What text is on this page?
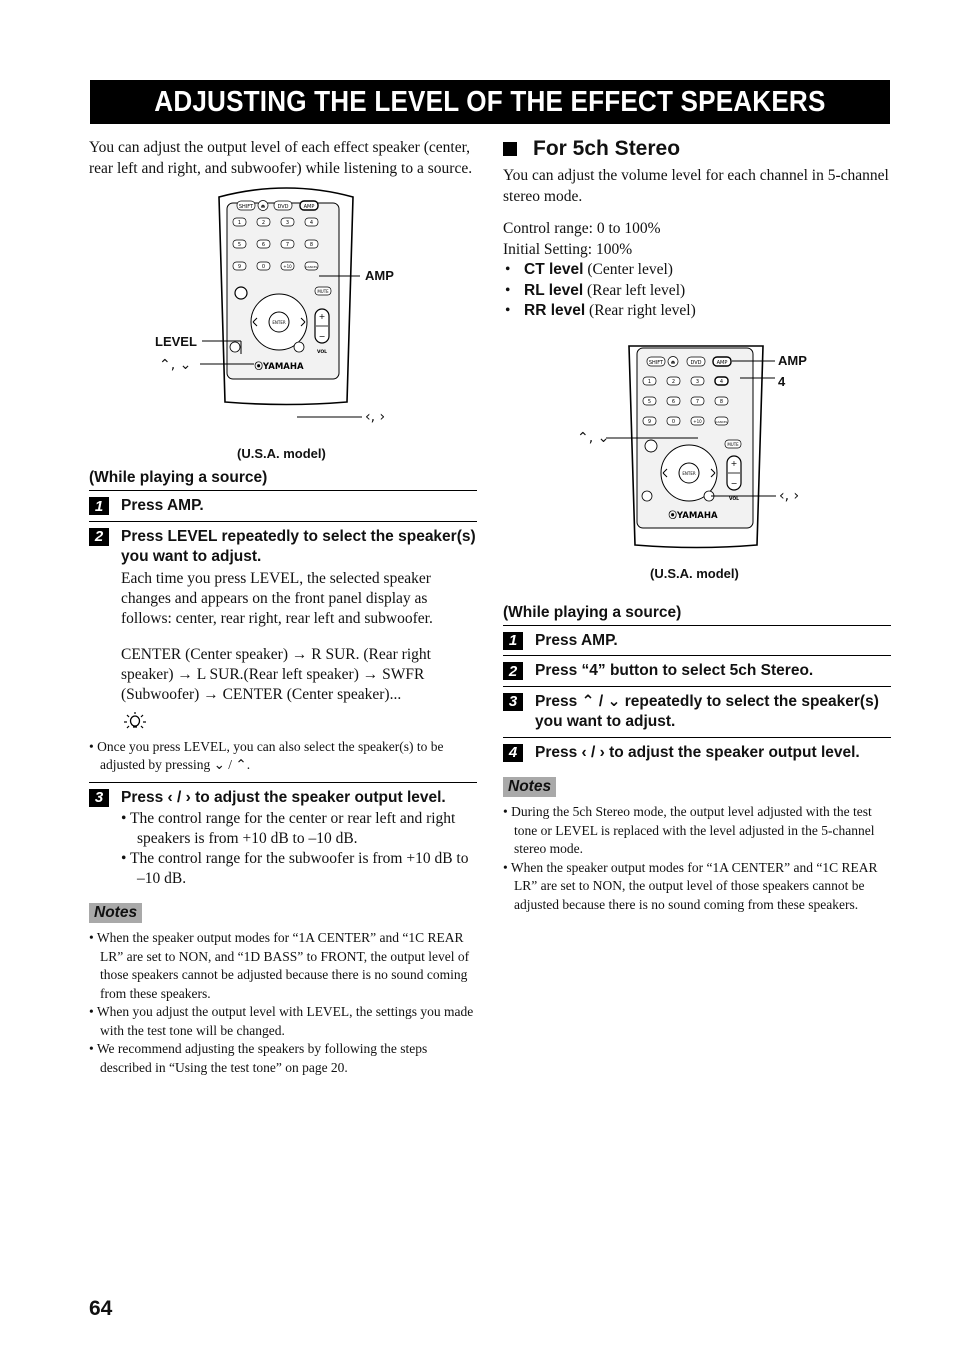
ADJUSTING THE LEVEL OF THE EFFECT SPEAKERS

You can adjust the output level of each effect speaker (center, rear left and right, and subwoofer) while listening to a source.

SHIFT ⏏ DVD	AMP
1	2	3	4
5	6	7	8
9	0	+10	CANCEL
MUTE
ENTER
+
−
VOL
⦿YAMAHA
AMP
LEVEL
⌃, ⌄
‹, ›
(U.S.A. model)
(While playing a source)
1	Press AMP.
2	Press LEVEL repeatedly to select the speaker(s) you want to adjust.
Each time you press LEVEL, the selected speaker changes and appears on the front panel display as follows: center, rear right, rear left and subwoofer.
CENTER (Center speaker) → R SUR. (Rear right speaker) → L SUR.(Rear left speaker) → SWFR (Subwoofer) → CENTER (Center speaker)...
• Once you press LEVEL, you can also select the speaker(s) to be adjusted by pressing ⌄ / ⌃.
3	Press ‹ / › to adjust the speaker output level.
• The control range for the center or rear left and right speakers is from +10 dB to –10 dB.
• The control range for the subwoofer is from +10 dB to –10 dB.
Notes
• When the speaker output modes for “1A CENTER” and “1C REAR LR” are set to NON, and “1D BASS” to FRONT, the output level of those speakers cannot be adjusted because there is no sound coming from these speakers.
• When you adjust the output level with LEVEL, the settings you made with the test tone will be changed.
• We recommend adjusting the speakers by following the steps described in “Using the test tone” on page 20.
For 5ch Stereo

You can adjust the volume level for each channel in 5-channel stereo mode.

Control range: 0 to 100%

Initial Setting: 100%

• CT level (Center level)
• RL level (Rear left level)
• RR level (Rear right level)
SHIFT ⏏	DVD	AMP
1	2	3	4
5	6	7	8
9	0	+10	CANCEL
MUTE
ENTER
+
−
VOL
⦿YAMAHA
AMP
4
⌃, ⌄
‹, ›
(U.S.A. model)
(While playing a source)
1	Press AMP.
2	Press “4” button to select 5ch Stereo.
3	Press ⌃ / ⌄ repeatedly to select the speaker(s) you want to adjust.
4	Press ‹ / › to adjust the speaker output level.
Notes
• During the 5ch Stereo mode, the output level adjusted with the test tone or LEVEL is replaced with the level adjusted in the 5-channel stereo mode.
• When the speaker output modes for “1A CENTER” and “1C REAR LR” are set to NON, the output level of those speakers cannot be adjusted because there is no sound coming from these speakers.
64
